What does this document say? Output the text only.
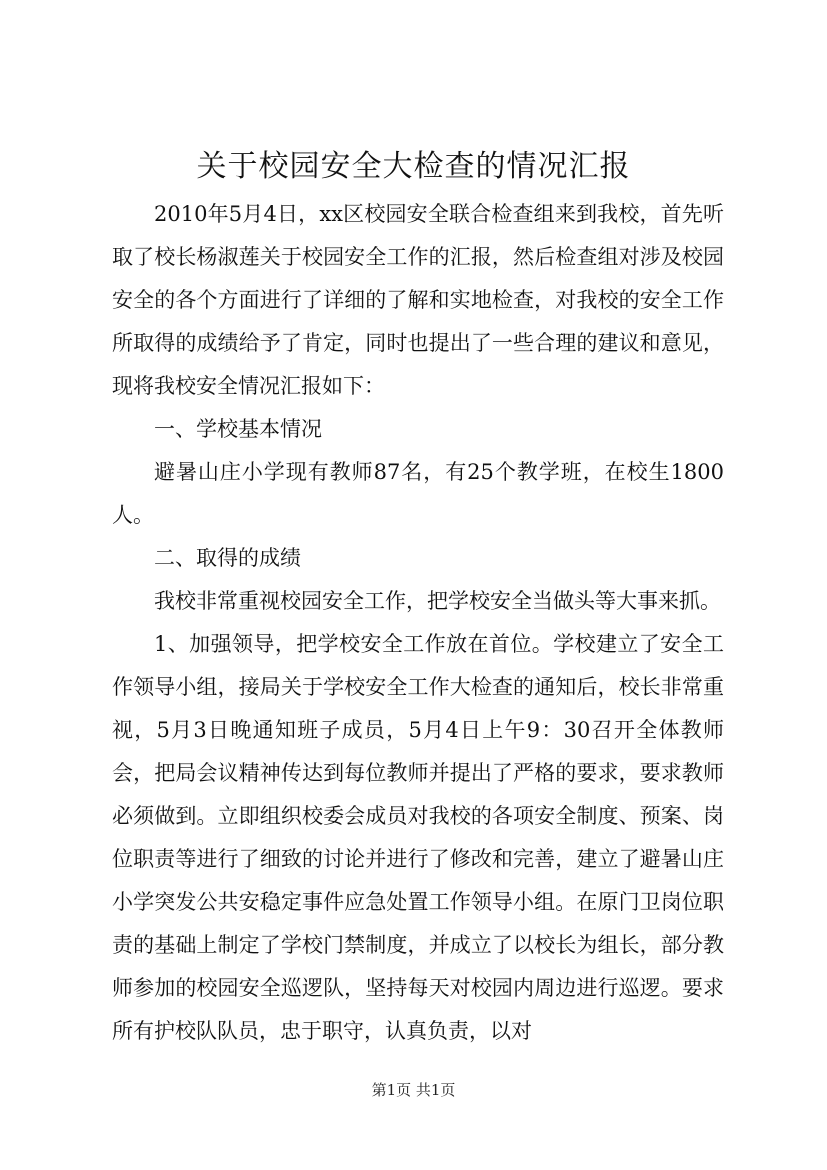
关于校园安全大检查的情况汇报

2010年5月4日，xx区校园安全联合检查组来到我校，首先听取了校长杨淑莲关于校园安全工作的汇报，然后检查组对涉及校园安全的各个方面进行了详细的了解和实地检查，对我校的安全工作所取得的成绩给予了肯定，同时也提出了一些合理的建议和意见，现将我校安全情况汇报如下：

一、学校基本情况

避暑山庄小学现有教师87名，有25个教学班，在校生1800人。

二、取得的成绩

我校非常重视校园安全工作，把学校安全当做头等大事来抓。

1、加强领导，把学校安全工作放在首位。学校建立了安全工作领导小组，接局关于学校安全工作大检查的通知后，校长非常重视，5月3日晚通知班子成员，5月4日上午9：30召开全体教师会，把局会议精神传达到每位教师并提出了严格的要求，要求教师必须做到。立即组织校委会成员对我校的各项安全制度、预案、岗位职责等进行了细致的讨论并进行了修改和完善，建立了避暑山庄小学突发公共安稳定事件应急处置工作领导小组。在原门卫岗位职责的基础上制定了学校门禁制度，并成立了以校长为组长，部分教师参加的校园安全巡逻队，坚持每天对校园内周边进行巡逻。要求所有护校队队员，忠于职守，认真负责，以对

第1页 共1页
